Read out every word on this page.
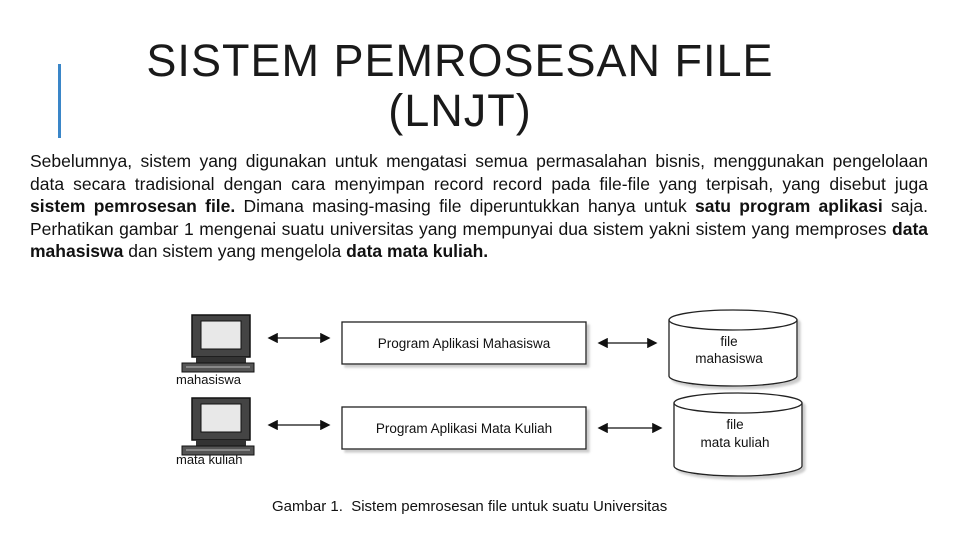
SISTEM PEMROSESAN FILE
(LNJT)
Sebelumnya, sistem yang digunakan untuk mengatasi semua permasalahan bisnis, menggunakan pengelolaan data secara tradisional dengan cara menyimpan record record pada file-file yang terpisah, yang disebut juga sistem pemrosesan file. Dimana masing-masing file diperuntukkan hanya untuk satu program aplikasi saja. Perhatikan gambar 1 mengenai suatu universitas yang mempunyai dua sistem yakni sistem yang memproses data mahasiswa dan sistem yang mengelola data mata kuliah.
mahasiswa
mata kuliah
Program Aplikasi Mahasiswa
Program Aplikasi Mata Kuliah
file
mahasiswa
file
mata kuliah
Gambar 1. Sistem pemrosesan file untuk suatu Universitas
